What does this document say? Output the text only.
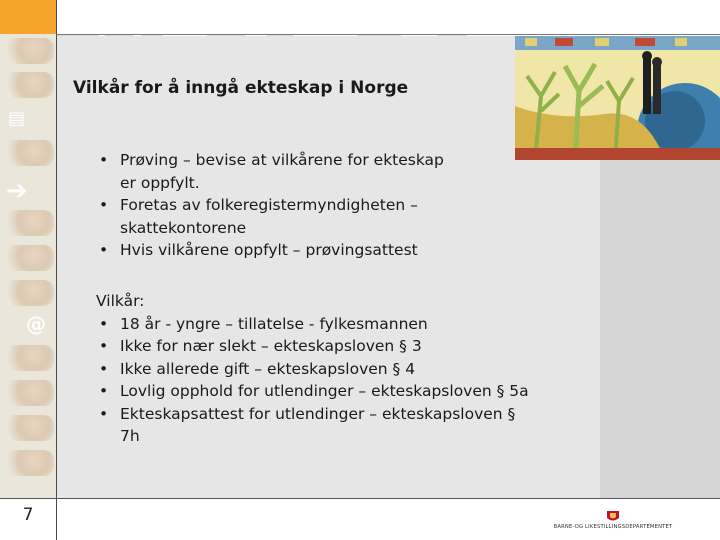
▤
➔
@
7
Vilkår for å inngå ekteskap i Norge
• Prøving – bevise at vilkårene for ekteskap
er oppfylt.
• Foretas av folkeregistermyndigheten –
skattekontorene
• Hvis vilkårene oppfylt – prøvingsattest
Vilkår:
• 18 år - yngre – tillatelse - fylkesmannen
• Ikke for nær slekt – ekteskapsloven § 3
• Ikke allerede gift – ekteskapsloven § 4
• Lovlig opphold for utlendinger – ekteskapsloven § 5a
• Ekteskapsattest for utlendinger – ekteskapsloven §
7h
BARNE-OG LIKESTILLINGSDEPARTEMENTET
